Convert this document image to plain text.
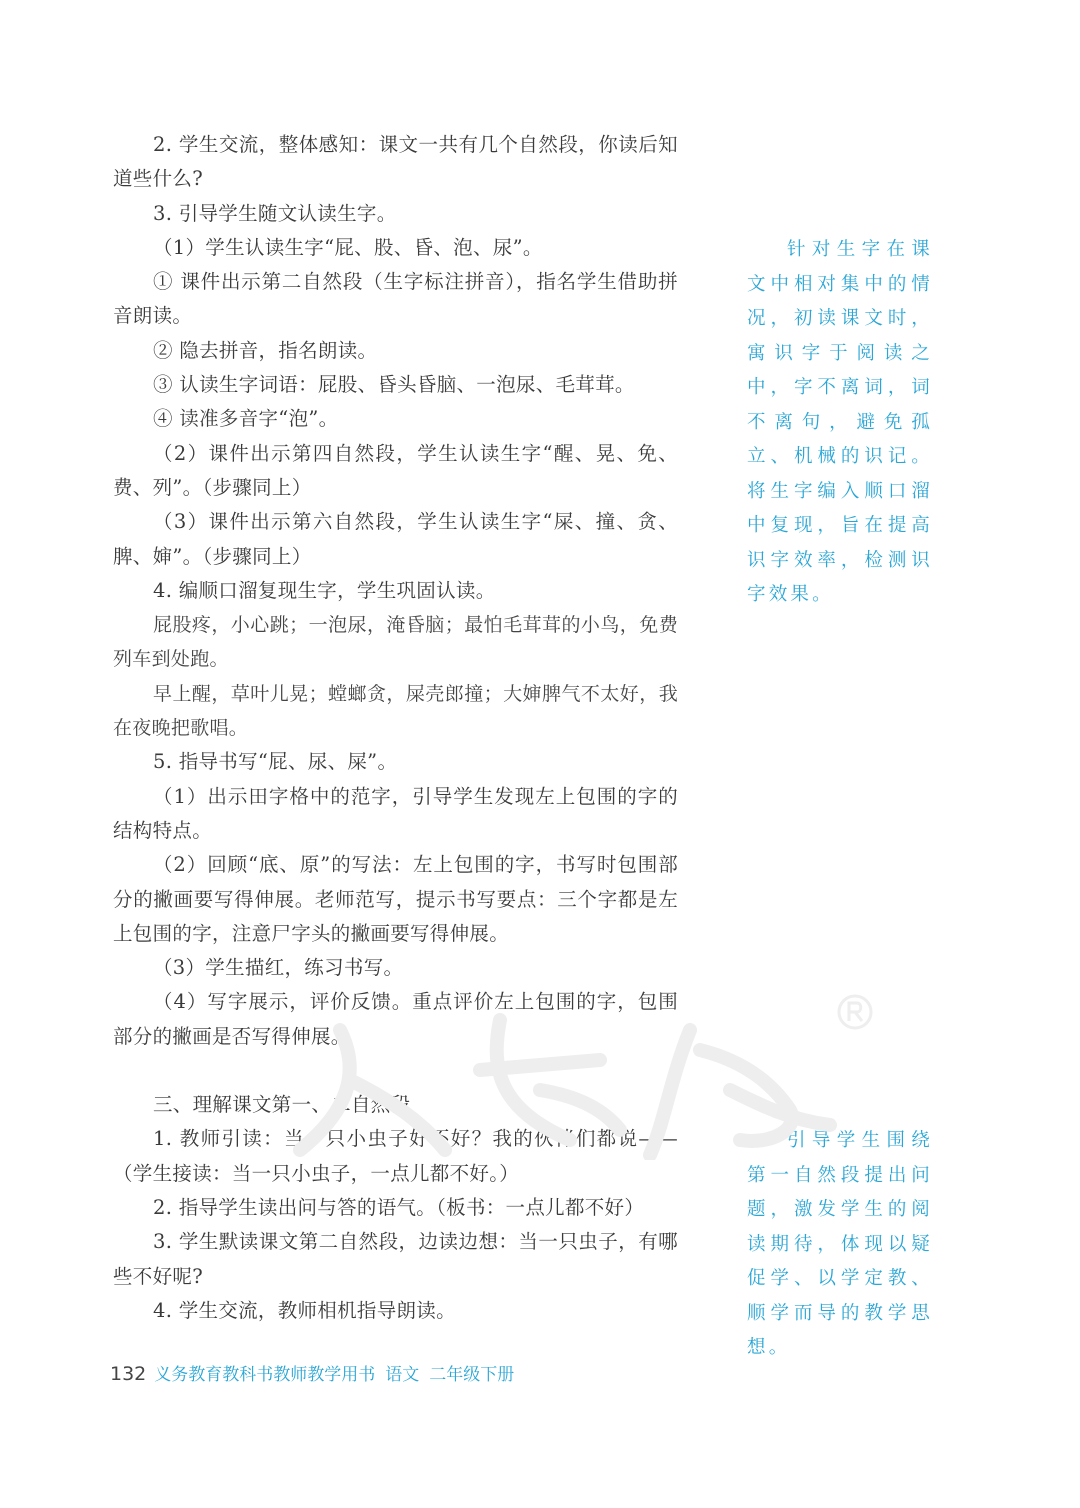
2. 学生交流，整体感知：课文一共有几个自然段，你读后知道些什么?

3. 引导学生随文认读生字。

（1）学生认读生字“屁、股、昏、泡、尿”。

① 课件出示第二自然段（生字标注拼音），指名学生借助拼音朗读。

② 隐去拼音，指名朗读。

③ 认读生字词语：屁股、昏头昏脑、一泡尿、毛茸茸。

④ 读准多音字“泡”。

（2）课件出示第四自然段，学生认读生字“醒、晃、免、费、列”。（步骤同上）

（3）课件出示第六自然段，学生认读生字“屎、撞、贪、脾、婶”。（步骤同上）

4. 编顺口溜复现生字，学生巩固认读。

屁股疼，小心跳；一泡尿，淹昏脑；最怕毛茸茸的小鸟，免费列车到处跑。

早上醒，草叶儿晃；螳螂贪，屎壳郎撞；大婶脾气不太好，我在夜晚把歌唱。

5. 指导书写“屁、尿、屎”。

（1）出示田字格中的范字，引导学生发现左上包围的字的结构特点。

（2）回顾“底、原”的写法：左上包围的字，书写时包围部分的撇画要写得伸展。老师范写，提示书写要点：三个字都是左上包围的字，注意尸字头的撇画要写得伸展。

（3）学生描红，练习书写。

（4）写字展示，评价反馈。重点评价左上包围的字，包围部分的撇画是否写得伸展。

三、理解课文第一、二自然段

1. 教师引读：当一只小虫子好不好？我的伙伴们都说——（学生接读：当一只小虫子，一点儿都不好。）

2. 指导学生读出问与答的语气。（板书：一点儿都不好）

3. 学生默读课文第二自然段，边读边想：当一只虫子，有哪些不好呢?

4. 学生交流，教师相机指导朗读。

针对生字在课文中相对集中的情况，初读课文时，寓识字于阅读之中，字不离词，词不离句，避免孤立、机械的识记。将生字编入顺口溜中复现，旨在提高识字效率，检测识字效果。

引导学生围绕第一自然段提出问题，激发学生的阅读期待，体现以疑促学、以学定教、顺学而导的教学思想。

132 义务教育教科书教师教学用书 语文 二年级下册
